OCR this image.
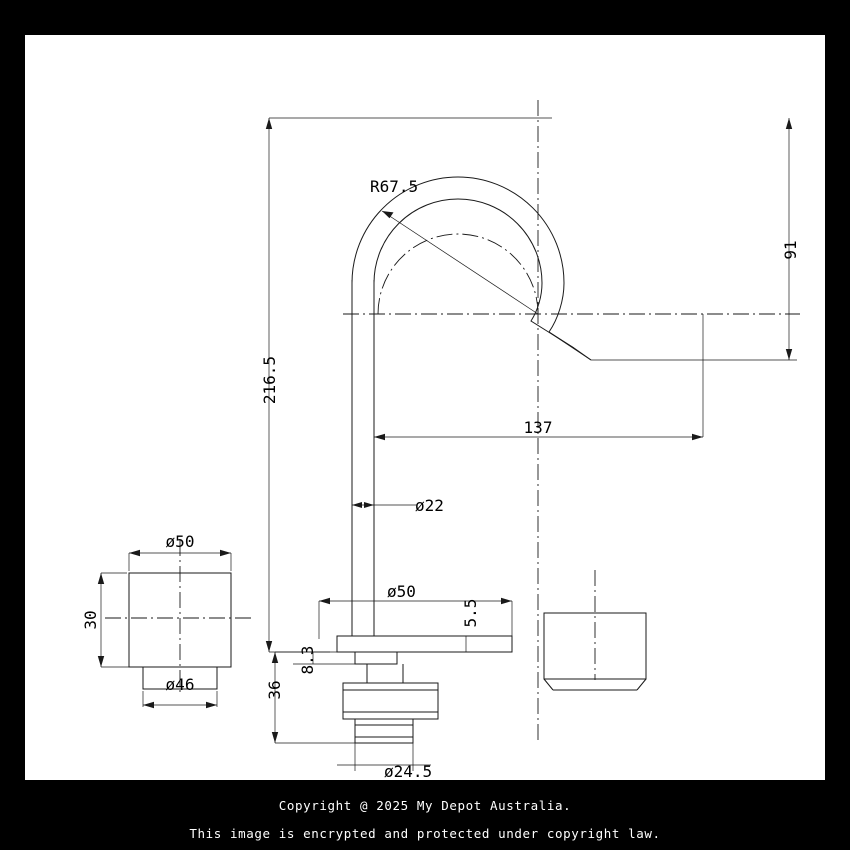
R67.5
91
216.5
137
ø22
ø50
5.5
8.3
36
ø24.5
ø50
30
ø46
Copyright @ 2025 My Depot Australia.
This image is encrypted and protected under copyright law.
